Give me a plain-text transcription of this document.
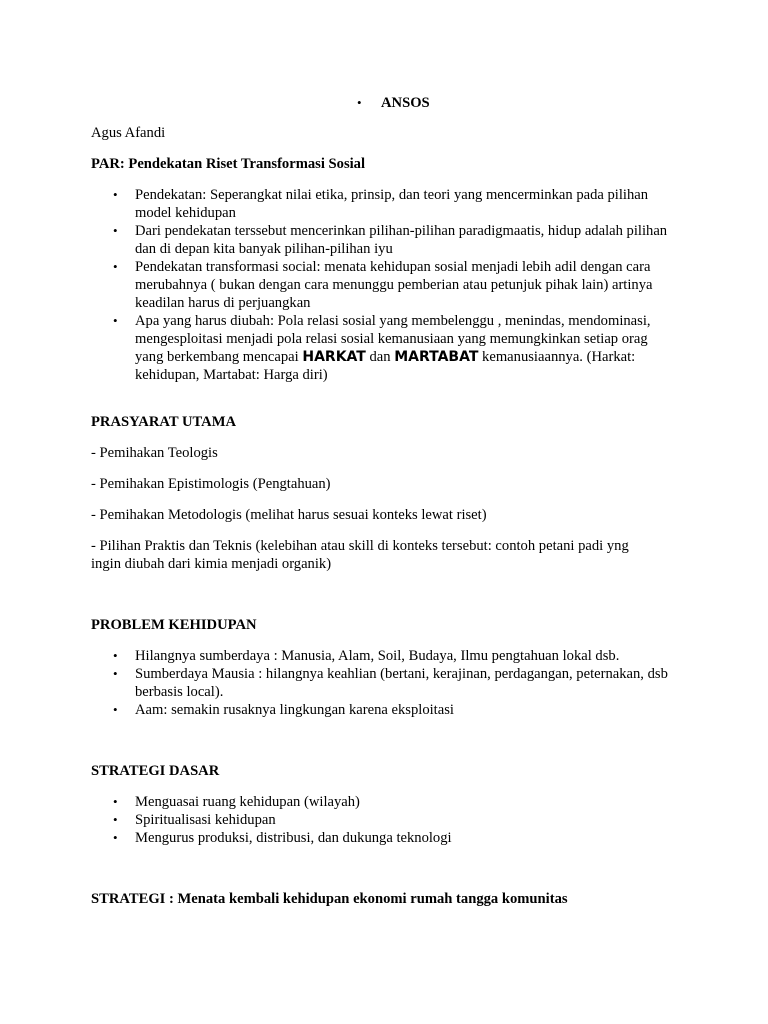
• ANSOS
Agus Afandi
PAR: Pendekatan Riset Transformasi Sosial
• Pendekatan: Seperangkat nilai etika, prinsip, dan teori yang mencerminkan pada pilihan model kehidupan
• Dari pendekatan terssebut mencerinkan pilihan-pilihan paradigmaatis, hidup adalah pilihan dan di depan kita banyak pilihan-pilihan iyu
• Pendekatan transformasi social: menata kehidupan sosial menjadi lebih adil dengan cara merubahnya ( bukan dengan cara menunggu pemberian atau petunjuk pihak lain) artinya keadilan harus di perjuangkan
• Apa yang harus diubah: Pola relasi sosial yang membelenggu , menindas, mendominasi, mengesploitasi menjadi pola relasi sosial kemanusiaan yang memungkinkan setiap orag yang berkembang mencapai HARKAT dan MARTABAT kemanusiaannya. (Harkat: kehidupan, Martabat: Harga diri)
PRASYARAT UTAMA
- Pemihakan Teologis
- Pemihakan Epistimologis (Pengtahuan)
- Pemihakan Metodologis (melihat harus sesuai konteks lewat riset)
- Pilihan Praktis dan Teknis (kelebihan atau skill di konteks tersebut: contoh petani padi yng ingin diubah dari kimia menjadi organik)
PROBLEM KEHIDUPAN
• Hilangnya sumberdaya : Manusia, Alam, Soil, Budaya, Ilmu pengtahuan lokal dsb.
• Sumberdaya Mausia : hilangnya keahlian (bertani, kerajinan, perdagangan, peternakan, dsb berbasis local).
• Aam: semakin rusaknya lingkungan karena eksploitasi
STRATEGI DASAR
• Menguasai ruang kehidupan (wilayah)
• Spiritualisasi kehidupan
• Mengurus produksi, distribusi, dan dukunga teknologi
STRATEGI : Menata kembali kehidupan ekonomi rumah tangga komunitas
